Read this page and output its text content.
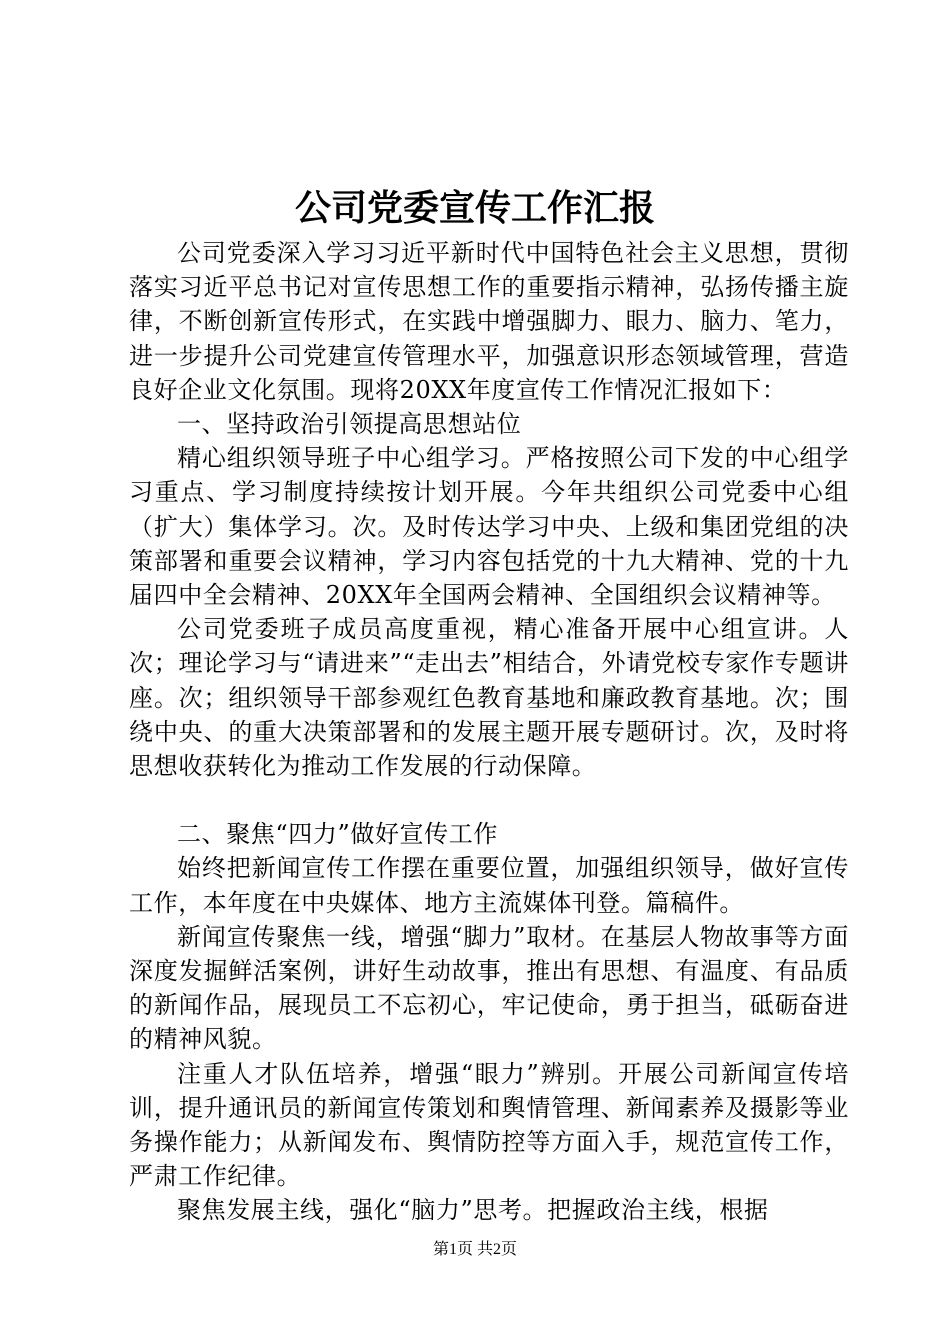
公司党委宣传工作汇报

公司党委深入学习习近平新时代中国特色社会主义思想，贯彻落实习近平总书记对宣传思想工作的重要指示精神，弘扬传播主旋律，不断创新宣传形式，在实践中增强脚力、眼力、脑力、笔力，进一步提升公司党建宣传管理水平，加强意识形态领域管理，营造良好企业文化氛围。现将20XX年度宣传工作情况汇报如下：

一、坚持政治引领提高思想站位

精心组织领导班子中心组学习。严格按照公司下发的中心组学习重点、学习制度持续按计划开展。今年共组织公司党委中心组（扩大）集体学习。次。及时传达学习中央、上级和集团党组的决策部署和重要会议精神，学习内容包括党的十九大精神、党的十九届四中全会精神、20XX年全国两会精神、全国组织会议精神等。

公司党委班子成员高度重视，精心准备开展中心组宣讲。人次；理论学习与“请进来”“走出去”相结合，外请党校专家作专题讲座。次；组织领导干部参观红色教育基地和廉政教育基地。次；围绕中央、的重大决策部署和的发展主题开展专题研讨。次，及时将思想收获转化为推动工作发展的行动保障。

二、聚焦“四力”做好宣传工作

始终把新闻宣传工作摆在重要位置，加强组织领导，做好宣传工作，本年度在中央媒体、地方主流媒体刊登。篇稿件。

新闻宣传聚焦一线，增强“脚力”取材。在基层人物故事等方面深度发掘鲜活案例，讲好生动故事，推出有思想、有温度、有品质的新闻作品，展现员工不忘初心，牢记使命，勇于担当，砥砺奋进的精神风貌。

注重人才队伍培养，增强“眼力”辨别。开展公司新闻宣传培训，提升通讯员的新闻宣传策划和舆情管理、新闻素养及摄影等业务操作能力；从新闻发布、舆情防控等方面入手，规范宣传工作，严肃工作纪律。

聚焦发展主线，强化“脑力”思考。把握政治主线，根据

第1页 共2页
